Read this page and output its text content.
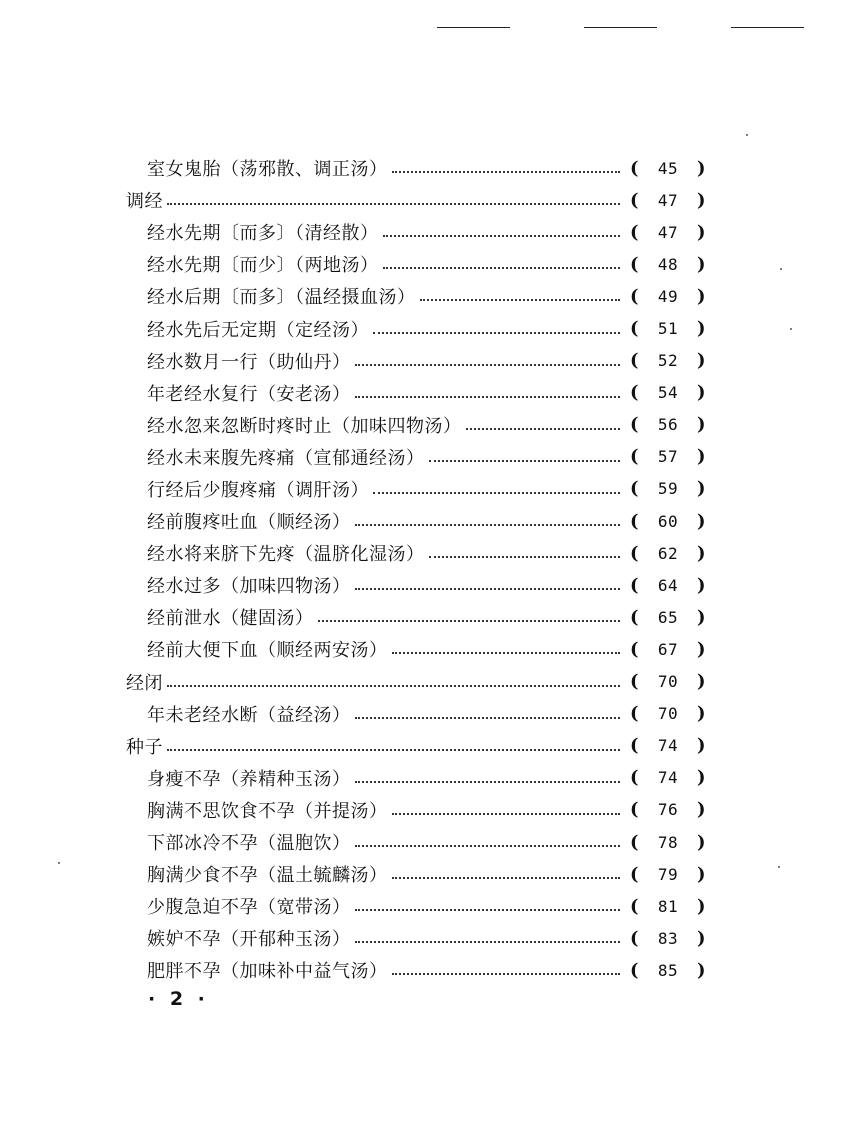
室女鬼胎（荡邪散、调正汤）	( 45 )
调经	( 47 )
经水先期〔而多〕（清经散）	( 47 )
经水先期〔而少〕（两地汤）	( 48 )
经水后期〔而多〕（温经摄血汤）	( 49 )
经水先后无定期（定经汤）	( 51 )
经水数月一行（助仙丹）	( 52 )
年老经水复行（安老汤）	( 54 )
经水忽来忽断时疼时止（加味四物汤）	( 56 )
经水未来腹先疼痛（宣郁通经汤）	( 57 )
行经后少腹疼痛（调肝汤）	( 59 )
经前腹疼吐血（顺经汤）	( 60 )
经水将来脐下先疼（温脐化湿汤）	( 62 )
经水过多（加味四物汤）	( 64 )
经前泄水（健固汤）	( 65 )
经前大便下血（顺经两安汤）	( 67 )
经闭	( 70 )
年未老经水断（益经汤）	( 70 )
种子	( 74 )
身瘦不孕（养精种玉汤）	( 74 )
胸满不思饮食不孕（并提汤）	( 76 )
下部冰冷不孕（温胞饮）	( 78 )
胸满少食不孕（温土毓麟汤）	( 79 )
少腹急迫不孕（宽带汤）	( 81 )
嫉妒不孕（开郁种玉汤）	( 83 )
肥胖不孕（加味补中益气汤）	( 85 )
· 2 ·
